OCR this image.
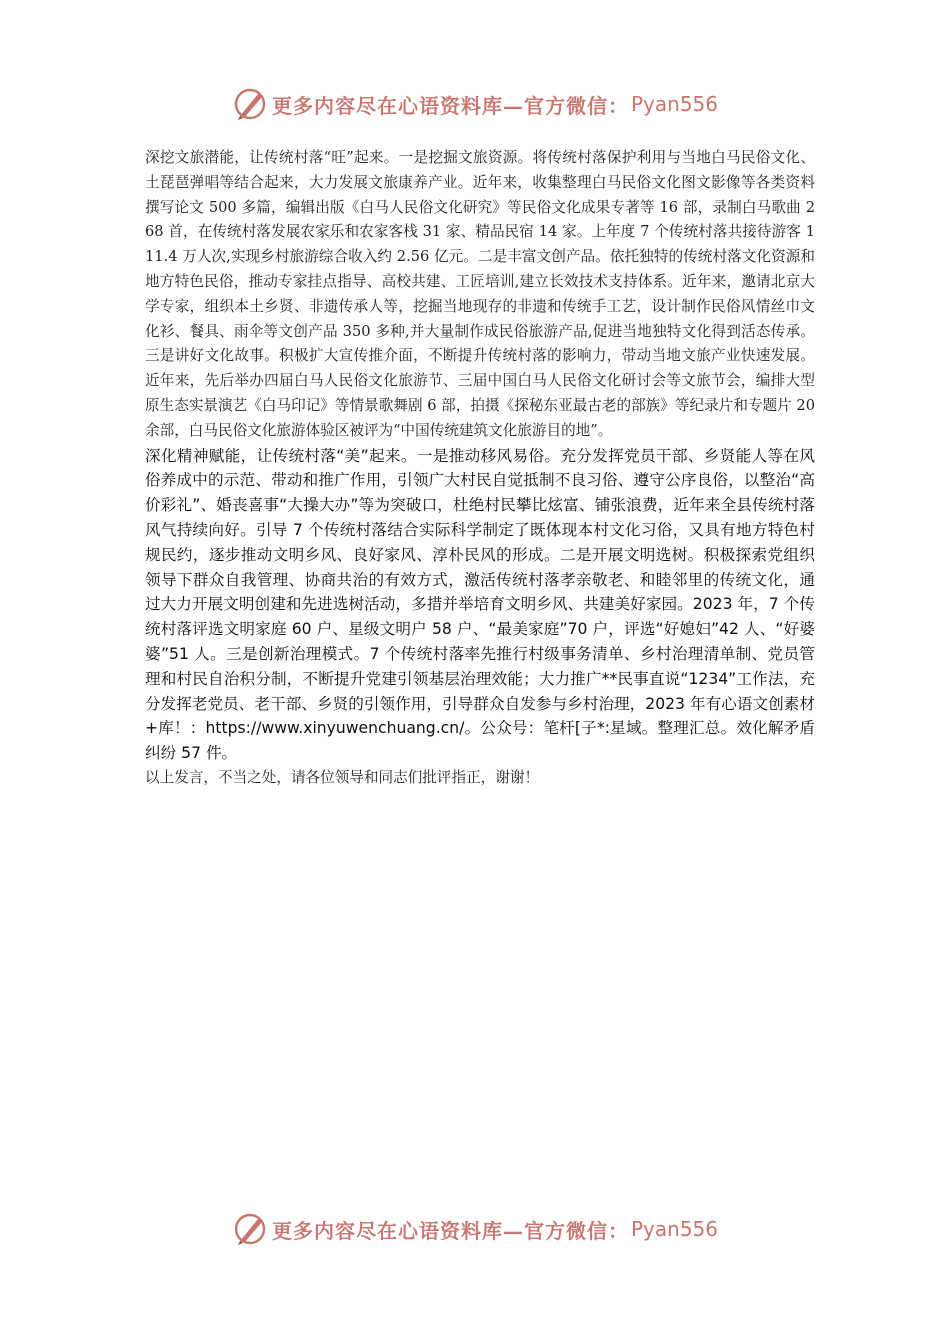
更多内容尽在心语资料库—官方微信： Pyan556

深挖文旅潜能，让传统村落“旺”起来。一是挖掘文旅资源。将传统村落保护利用与当地白马民俗文化、土琵琶弹唱等结合起来，大力发展文旅康养产业。近年来，收集整理白马民俗文化图文影像等各类资料撰写论文 500 多篇，编辑出版《白马人民俗文化研究》等民俗文化成果专著等 16 部，录制白马歌曲 268 首，在传统村落发展农家乐和农家客栈 31 家、精品民宿 14 家。上年度 7 个传统村落共接待游客 111.4 万人次,实现乡村旅游综合收入约 2.56 亿元。二是丰富文创产品。依托独特的传统村落文化资源和地方特色民俗，推动专家挂点指导、高校共建、工匠培训,建立长效技术支持体系。近年来，邀请北京大学专家，组织本土乡贤、非遗传承人等，挖掘当地现存的非遗和传统手工艺，设计制作民俗风情丝巾文化衫、餐具、雨伞等文创产品 350 多种,并大量制作成民俗旅游产品,促进当地独特文化得到活态传承。三是讲好文化故事。积极扩大宣传推介面，不断提升传统村落的影响力，带动当地文旅产业快速发展。近年来，先后举办四届白马人民俗文化旅游节、三届中国白马人民俗文化研讨会等文旅节会，编排大型原生态实景演艺《白马印记》等情景歌舞剧 6 部，拍摄《探秘东亚最古老的部族》等纪录片和专题片 20 余部，白马民俗文化旅游体验区被评为“中国传统建筑文化旅游目的地”。

深化精神赋能，让传统村落“美”起来。一是推动移风易俗。充分发挥党员干部、乡贤能人等在风俗养成中的示范、带动和推广作用，引领广大村民自觉抵制不良习俗、遵守公序良俗，以整治“高价彩礼”、婚丧喜事“大操大办”等为突破口，杜绝村民攀比炫富、铺张浪费，近年来全县传统村落风气持续向好。引导 7 个传统村落结合实际科学制定了既体现本村文化习俗，又具有地方特色村规民约，逐步推动文明乡风、良好家风、淳朴民风的形成。二是开展文明选树。积极探索党组织领导下群众自我管理、协商共治的有效方式，激活传统村落孝亲敬老、和睦邻里的传统文化，通过大力开展文明创建和先进选树活动，多措并举培育文明乡风、共建美好家园。2023 年，7 个传统村落评选文明家庭 60 户、星级文明户 58 户、“最美家庭”70 户，评选“好媳妇”42 人、“好婆婆”51 人。三是创新治理模式。7 个传统村落率先推行村级事务清单、乡村治理清单制、党员管理和村民自治积分制，不断提升党建引领基层治理效能；大力推广**民事直说“1234”工作法，充分发挥老党员、老干部、乡贤的引领作用，引导群众自发参与乡村治理，2023 年有心语文创素材+库！：https://www.xinyuwenchuang.cn/。公众号：笔杆[子*:星域。整理汇总。效化解矛盾纠纷 57 件。

以上发言，不当之处，请各位领导和同志们批评指正，谢谢！

更多内容尽在心语资料库—官方微信： Pyan556
